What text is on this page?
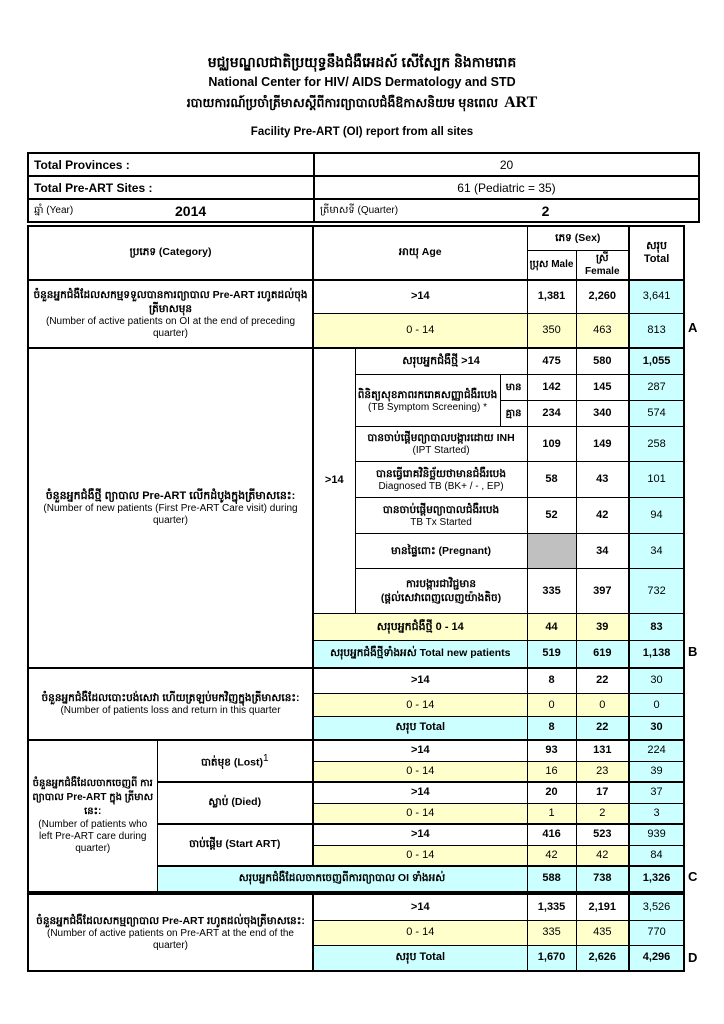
មជ្ឈមណ្ឌលជាតិប្រយុទ្ធនឹងជំងឺអេដស៍ សើស្បែក និងកាមរោគ
National Center for HIV/ AIDS Dermatology and STD
របាយការណ៍ប្រចាំត្រីមាសស្តីពីការព្យាបាលជំងឺឱកាសនិយម មុនពេល ART
Facility Pre-ART (OI) report from all sites
Total Provinces :	20
Total Pre-ART Sites :	61 (Pediatric = 35)

ឆ្នាំ (Year) 2014	ត្រីមាសទី (Quarter) 2
ប្រភេទ (Category)		អាយុ Age			ភេទ (Sex)		សរុប Total
					ប្រុស Male	ស្រី Female	

ចំនួនអ្នកជំងឺដែលសកម្មទទួលបានការព្យាបាល Pre-ART រហូតដល់ចុងត្រីមាសមុន
(Number of active patients on OI at the end of preceding quarter)		>14			1,381	2,260	3,641
		0 - 14			350	463	813

ចំនួនអ្នកជំងឺថ្មី ព្យាបាល Pre-ART លើកដំបូងក្នុងត្រីមាសនេះ:
(Number of new patients (First Pre-ART Care visit) during quarter)		>14	សរុបអ្នកជំងឺថ្មី >14		475	580	1,055

			ពិនិត្យសុខភាពរករោគសញ្ញាជំងឺរបេង
(TB Symptom Screening) *	មាន	142	145	287
				គ្មាន	234	340	574

			បានចាប់ផ្តើមព្យាបាលបង្ការដោយ INH
(IPT Started)		109	149	258

			បានធ្វើរោគវិនិច្ឆ័យថាមានជំងឺរបេង
Diagnosed TB (BK+ / - , EP)		58	43	101

			បានចាប់ផ្តើមព្យាបាលជំងឺរបេង
TB Tx Started		52	42	94

			មានផ្ទៃពោះ (Pregnant)			34	34

			ការបង្ការជាវិជ្ជមាន
(ផ្តល់សេវាពេញលេញយ៉ាងតិច)		335	397	732
		សរុបអ្នកជំងឺថ្មី 0 - 14			44	39	83
		សរុបអ្នកជំងឺថ្មីទាំងអស់ Total new patients			519	619	1,138

ចំនួនអ្នកជំងឺដែលបោះបង់សេវា ហើយត្រឡប់មកវិញក្នុងត្រីមាសនេះ:
(Number of patients loss and return in this quarter		>14			8	22	30
		0 - 14			0	0	0
		សរុប Total			8	22	30

ចំនួនអ្នកជំងឺដែលចាកចេញពី ការព្យាបាល Pre-ART ក្នុង ត្រីមាសនេះ:
(Number of patients who left Pre-ART care during quarter)	បាត់មុខ (Lost)$^1$	>14			93	131	224
		0 - 14			16	23	39
	ស្លាប់ (Died)	>14			20	17	37
		0 - 14			1	2	3
	ចាប់ផ្តើម (Start ART)	>14			416	523	939
		0 - 14			42	42	84
	សរុបអ្នកជំងឺដែលចាកចេញពីការព្យាបាល OI ទាំងអស់				588	738	1,326
ចំនួនអ្នកជំងឺដែលសកម្មព្យាបាល Pre-ART រហូតដល់ចុងត្រីមាសនេះ:
(Number of active patients on Pre-ART at the end of the quarter)	>14	1,335	2,191	3,526
	0 - 14	335	435	770
	សរុប Total	1,670	2,626	4,296
A
B
C
D
